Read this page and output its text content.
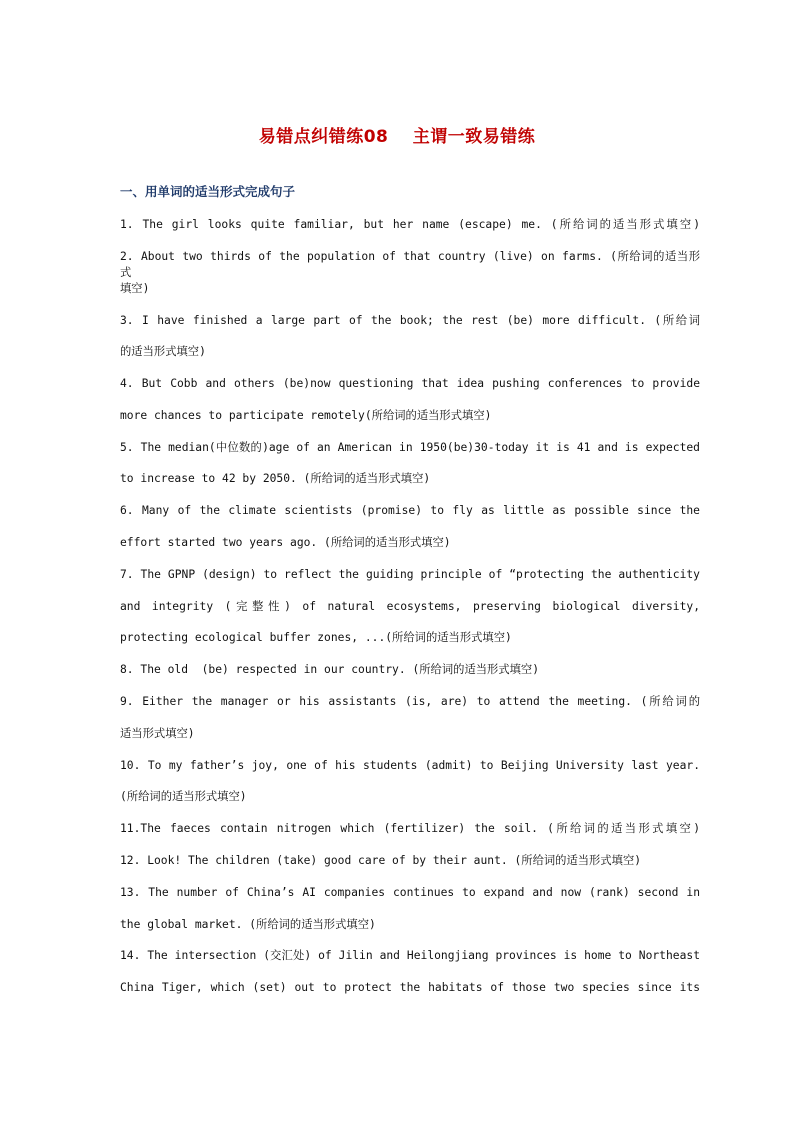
易错点纠错练08 主谓一致易错练
一、用单词的适当形式完成句子
1. The girl looks quite familiar, but her name (escape) me. (所给词的适当形式填空)
2. About two thirds of the population of that country (live) on farms. (所给词的适当形式
填空)
3. I have finished a large part of the book; the rest (be) more difficult. (所给词
的适当形式填空)
4. But Cobb and others (be)now questioning that idea pushing conferences to provide
more chances to participate remotely(所给词的适当形式填空)
5. The median(中位数的)age of an American in 1950(be)30-today it is 41 and is expected
to increase to 42 by 2050. (所给词的适当形式填空)
6. Many of the climate scientists (promise) to fly as little as possible since the
effort started two years ago. (所给词的适当形式填空)
7. The GPNP (design) to reflect the guiding principle of “protecting the authenticity
and integrity (完整性) of natural ecosystems, preserving biological diversity,
protecting ecological buffer zones, ...(所给词的适当形式填空)
8. The old  (be) respected in our country. (所给词的适当形式填空)
9. Either the manager or his assistants (is, are) to attend the meeting. (所给词的
适当形式填空)
10. To my father’s joy, one of his students (admit) to Beijing University last year.
(所给词的适当形式填空)
11.The faeces contain nitrogen which (fertilizer) the soil. (所给词的适当形式填空)
12. Look! The children (take) good care of by their aunt. (所给词的适当形式填空)
13. The number of China’s AI companies continues to expand and now (rank) second in
the global market. (所给词的适当形式填空)
14. The intersection (交汇处) of Jilin and Heilongjiang provinces is home to Northeast
China Tiger, which (set) out to protect the habitats of those two species since its
